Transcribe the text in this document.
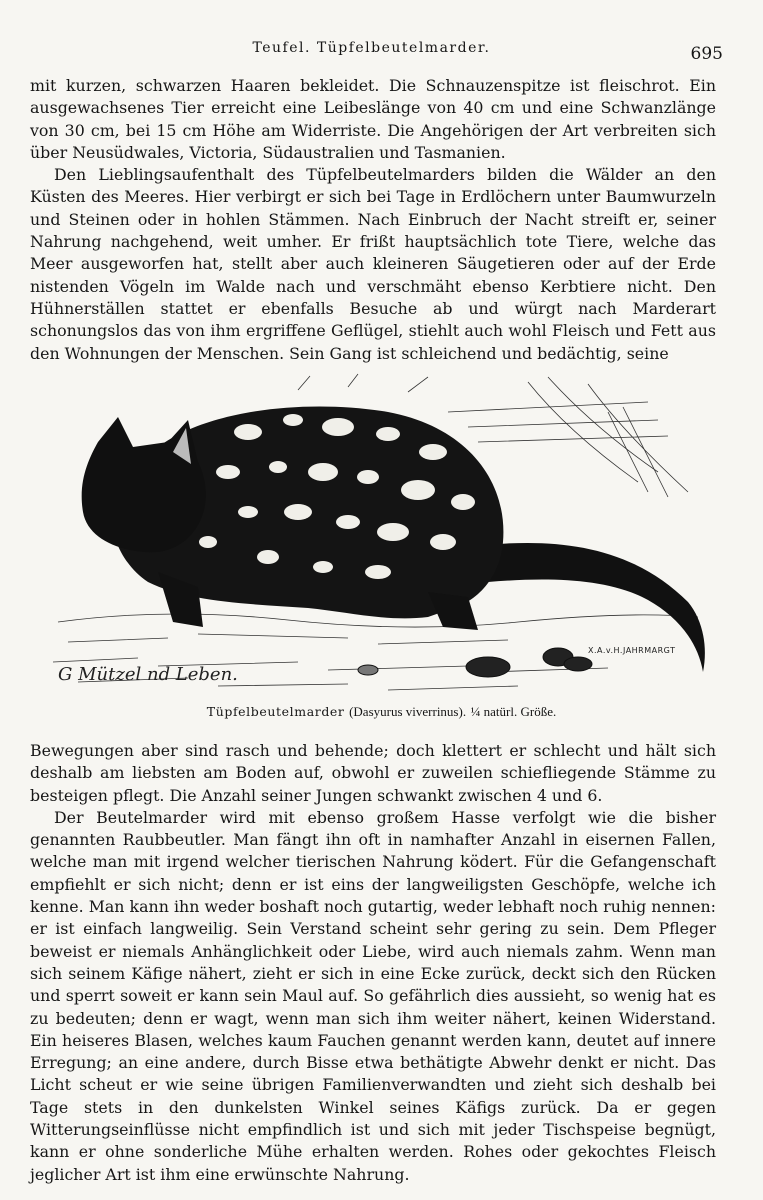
Teufel. Tüpfelbeutelmarder.	695

mit kurzen, schwarzen Haaren bekleidet. Die Schnauzenspitze ist fleischrot. Ein ausgewachsenes Tier erreicht eine Leibeslänge von 40 cm und eine Schwanzlänge von 30 cm, bei 15 cm Höhe am Widerriste. Die Angehörigen der Art verbreiten sich über Neusüdwales, Victoria, Südaustralien und Tasmanien.

Den Lieblingsaufenthalt des Tüpfelbeutelmarders bilden die Wälder an den Küsten des Meeres. Hier verbirgt er sich bei Tage in Erdlöchern unter Baumwurzeln und Steinen oder in hohlen Stämmen. Nach Einbruch der Nacht streift er, seiner Nahrung nachgehend, weit umher. Er frißt hauptsächlich tote Tiere, welche das Meer ausgeworfen hat, stellt aber auch kleineren Säugetieren oder auf der Erde nistenden Vögeln im Walde nach und verschmäht ebenso Kerbtiere nicht. Den Hühnerställen stattet er ebenfalls Besuche ab und würgt nach Marderart schonungslos das von ihm ergriffene Geflügel, stiehlt auch wohl Fleisch und Fett aus den Wohnungen der Menschen. Sein Gang ist schleichend und bedächtig, seine

G Mützel nd Leben.
X.A.v.H.JAHRMARGT
Tüpfelbeutelmarder (Dasyurus viverrinus). ¼ natürl. Größe.

Bewegungen aber sind rasch und behende; doch klettert er schlecht und hält sich deshalb am liebsten am Boden auf, obwohl er zuweilen schiefliegende Stämme zu besteigen pflegt. Die Anzahl seiner Jungen schwankt zwischen 4 und 6.

Der Beutelmarder wird mit ebenso großem Hasse verfolgt wie die bisher genannten Raubbeutler. Man fängt ihn oft in namhafter Anzahl in eisernen Fallen, welche man mit irgend welcher tierischen Nahrung ködert. Für die Gefangenschaft empfiehlt er sich nicht; denn er ist eins der langweiligsten Geschöpfe, welche ich kenne. Man kann ihn weder boshaft noch gutartig, weder lebhaft noch ruhig nennen: er ist einfach langweilig. Sein Verstand scheint sehr gering zu sein. Dem Pfleger beweist er niemals Anhänglichkeit oder Liebe, wird auch niemals zahm. Wenn man sich seinem Käfige nähert, zieht er sich in eine Ecke zurück, deckt sich den Rücken und sperrt soweit er kann sein Maul auf. So gefährlich dies aussieht, so wenig hat es zu bedeuten; denn er wagt, wenn man sich ihm weiter nähert, keinen Widerstand. Ein heiseres Blasen, welches kaum Fauchen genannt werden kann, deutet auf innere Erregung; an eine andere, durch Bisse etwa bethätigte Abwehr denkt er nicht. Das Licht scheut er wie seine übrigen Familienverwandten und zieht sich deshalb bei Tage stets in den dunkelsten Winkel seines Käfigs zurück. Da er gegen Witterungseinflüsse nicht empfindlich ist und sich mit jeder Tischspeise begnügt, kann er ohne sonderliche Mühe erhalten werden. Rohes oder gekochtes Fleisch jeglicher Art ist ihm eine erwünschte Nahrung.
